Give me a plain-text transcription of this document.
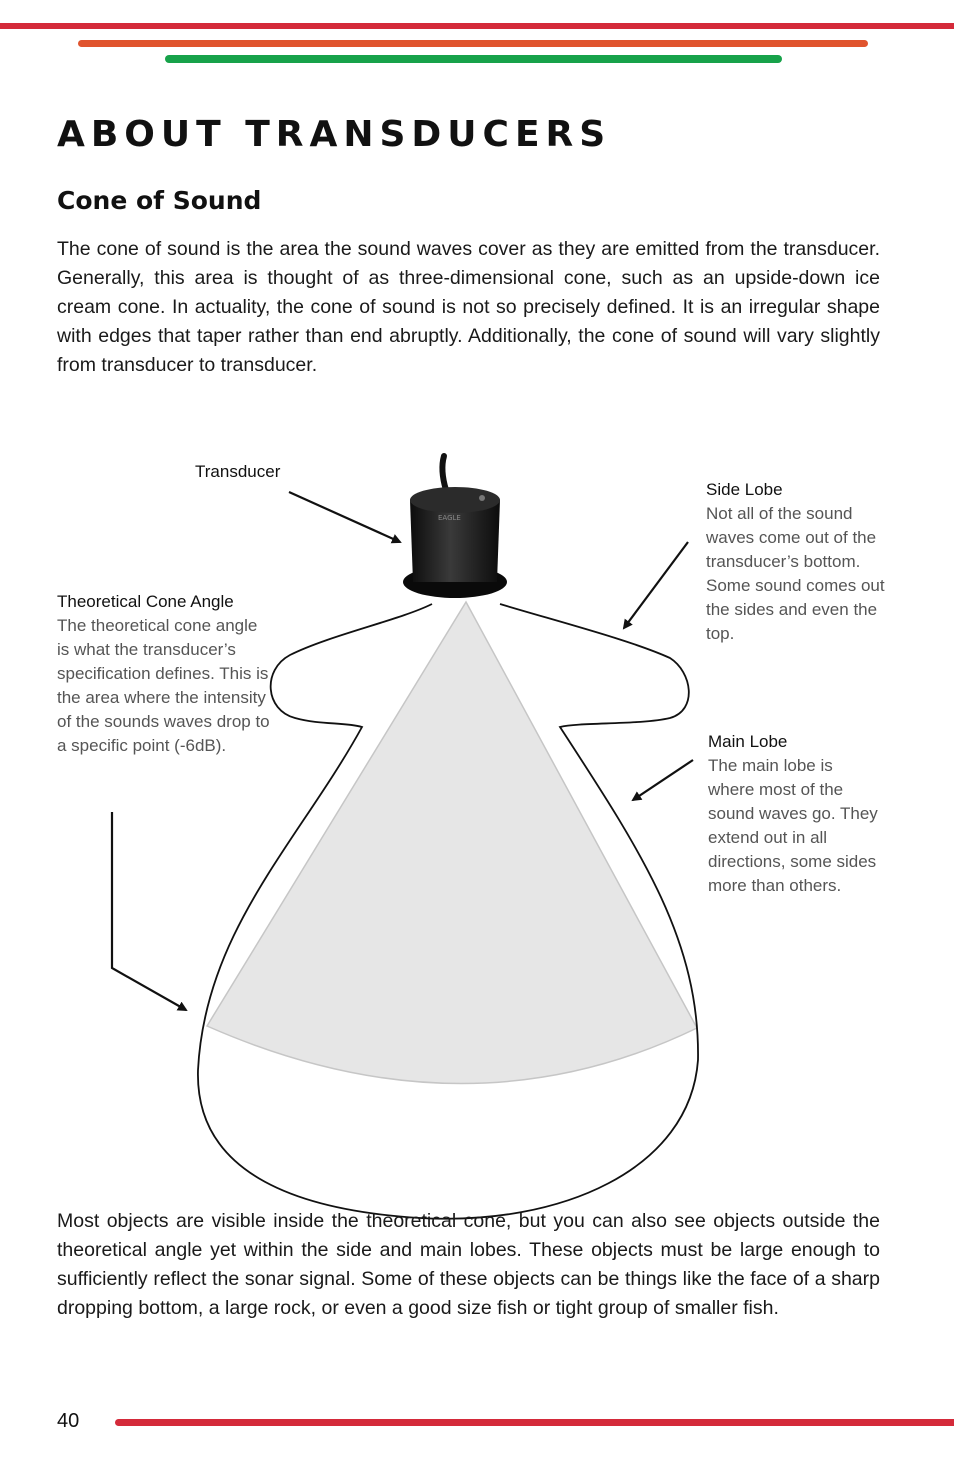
ABOUT TRANSDUCERS
Cone of Sound

The cone of sound is the area the sound waves cover as they are emitted from the transducer. Generally, this area is thought of as three-dimensional cone, such as an upside-down ice cream cone. In actuality, the cone of sound is not so precisely defined. It is an irregular shape with edges that taper rather than end abruptly. Additionally, the cone of sound will vary slightly from transducer to transducer.

EAGLE
Transducer
Side Lobe
Not all of the sound waves come out of the transducer’s bottom. Some sound comes out the sides and even the top.
Theoretical Cone Angle
The theoretical cone angle is what the transducer’s specification defines. This is the area where the intensity of the sounds waves drop to a specific point (-6dB).	Main Lobe
The main lobe is where most of the sound waves go. They extend out in all directions, some sides more than others.

Most objects are visible inside the theoretical cone, but you can also see objects outside the theoretical angle yet within the side and main lobes. These objects must be large enough to sufficiently reflect the sonar signal. Some of these objects can be things like the face of a sharp dropping bottom, a large rock, or even a good size fish or tight group of smaller fish.

40
